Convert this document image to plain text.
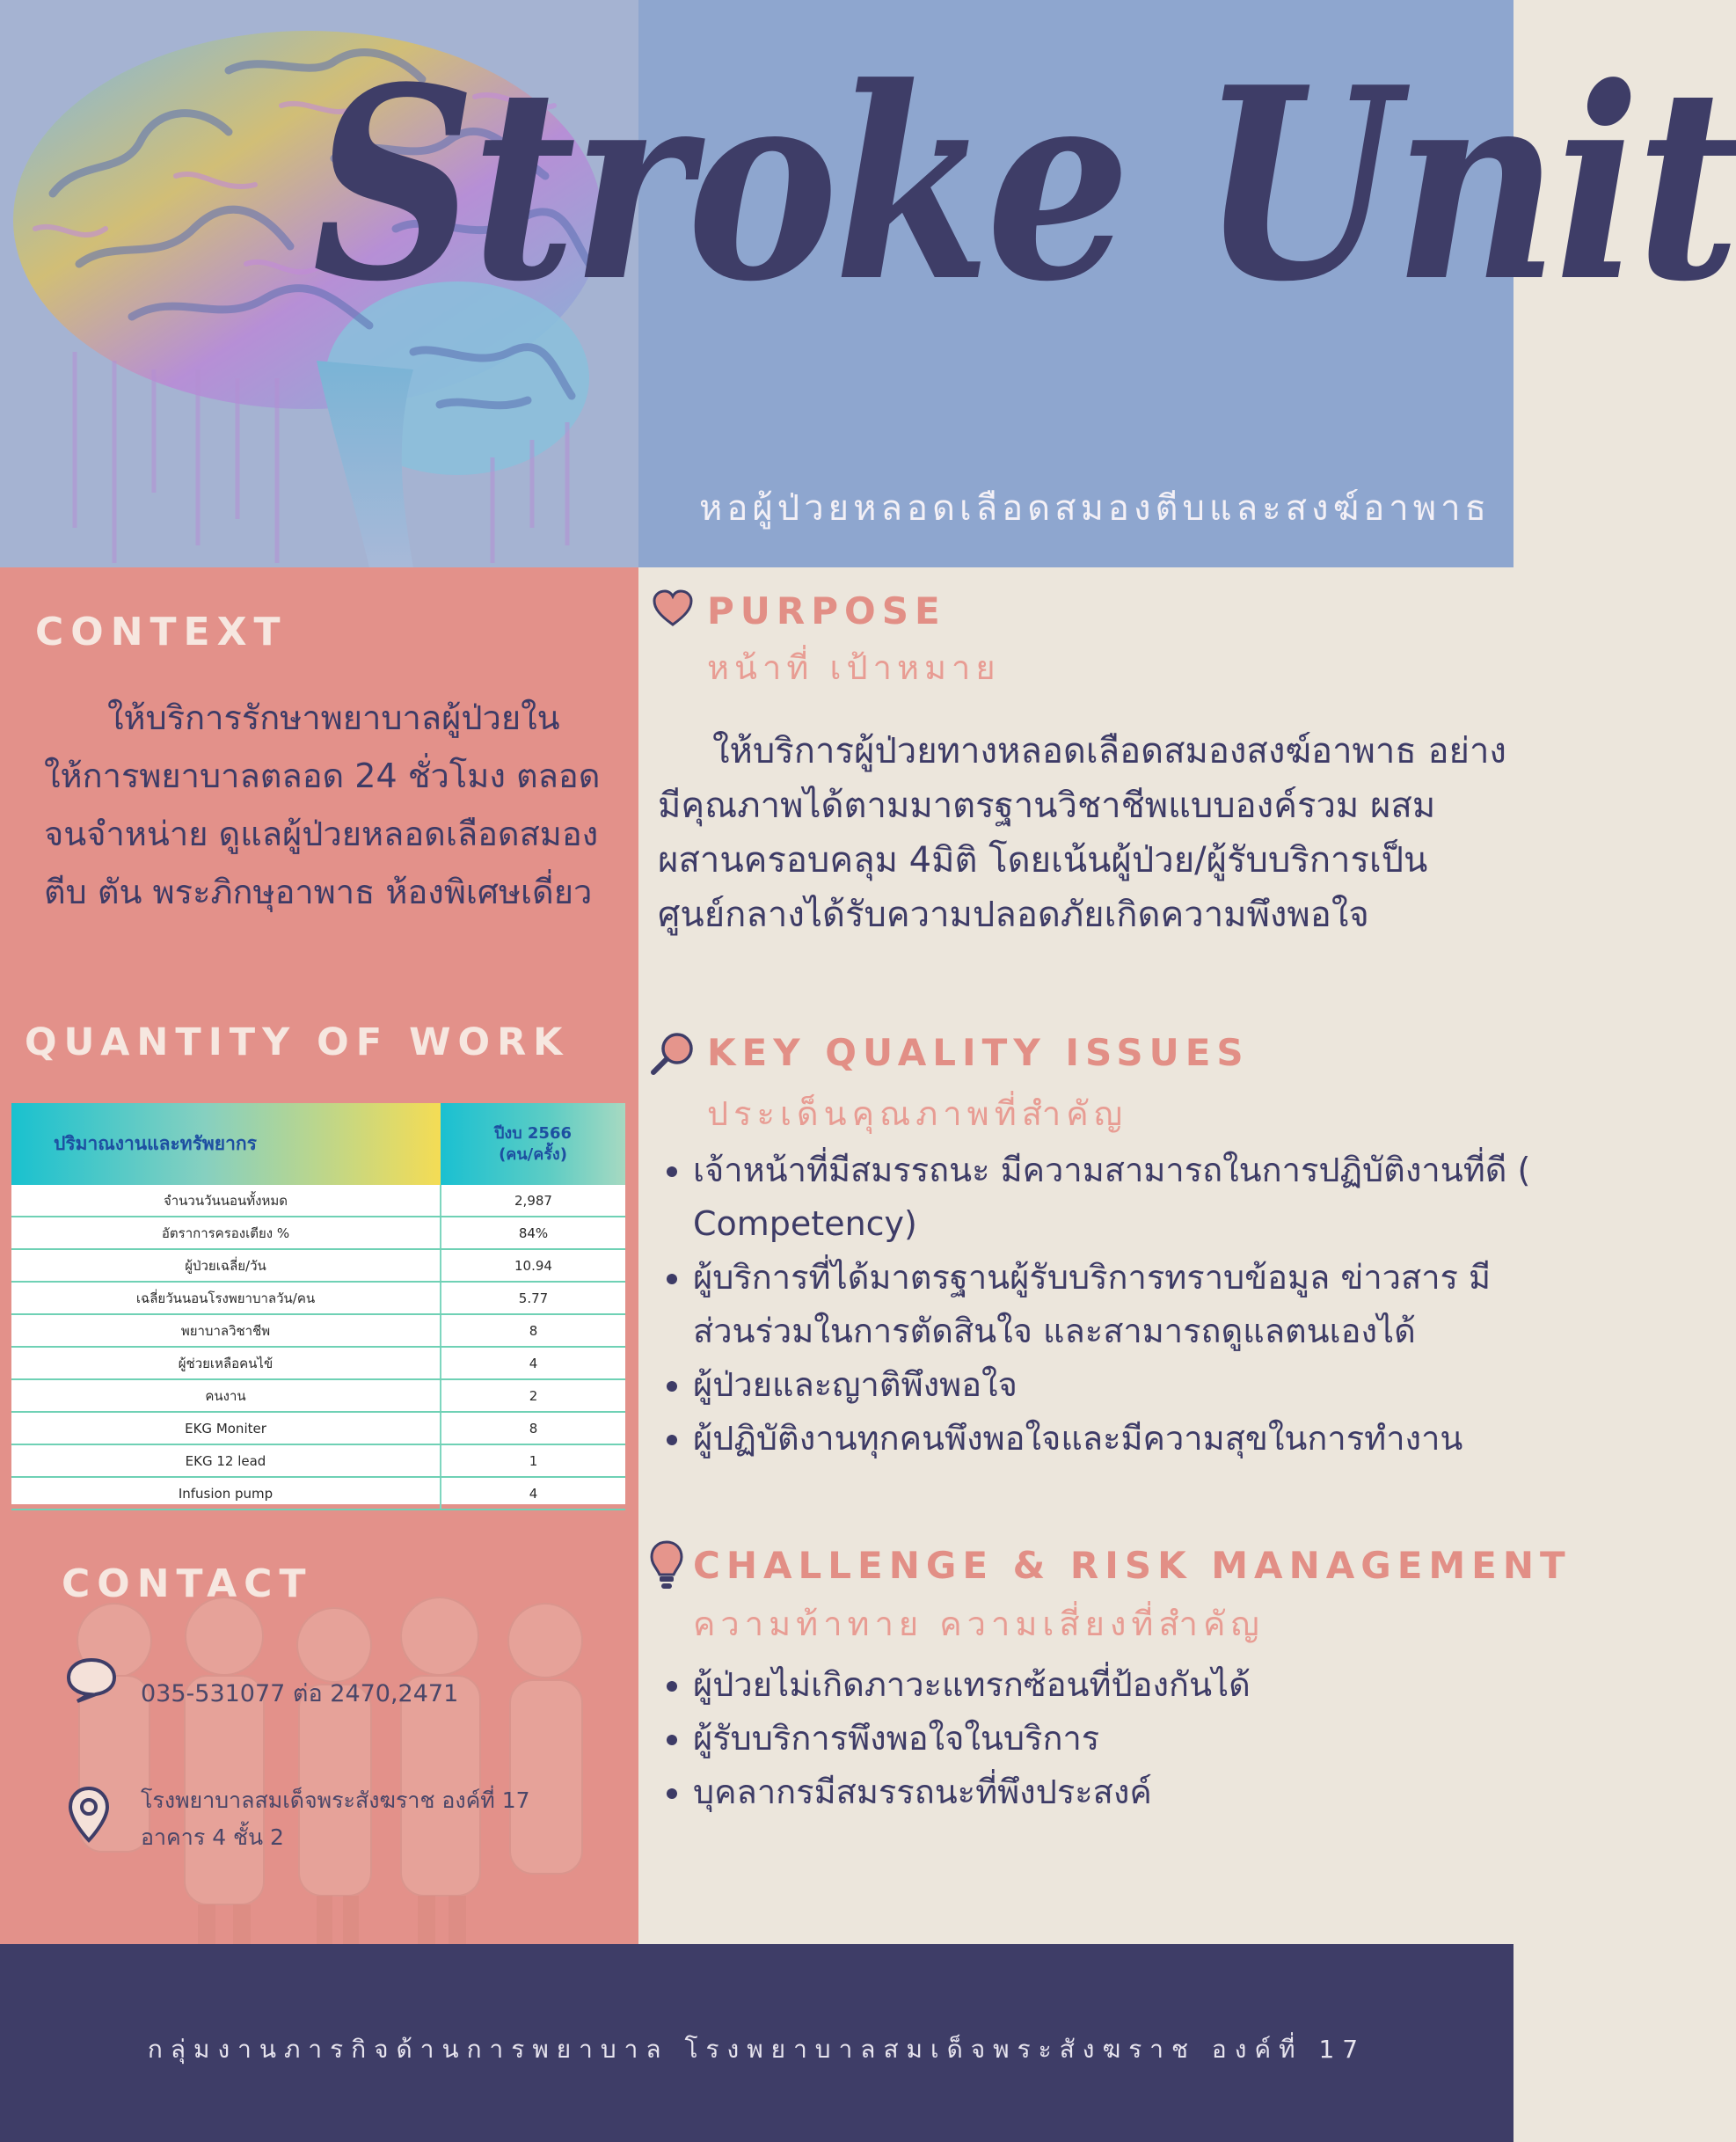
Stroke Unit

หอผู้ป่วยหลอดเลือดสมองตีบและสงฆ์อาพาธ

CONTEXT

ให้บริการรักษาพยาบาลผู้ป่วยใน ให้การพยาบาลตลอด 24 ชั่วโมง ตลอดจนจำหน่าย ดูแลผู้ป่วยหลอดเลือดสมองตีบ ตัน พระภิกษุอาพาธ ห้องพิเศษเดี่ยว

QUANTITY OF WORK
ปริมาณงานและทรัพยากร	ปีงบ 2566
(คน/ครั้ง)
จำนวนวันนอนทั้งหมด	2,987
อัตราการครองเตียง %	84%
ผู้ป่วยเฉลี่ย/วัน	10.94
เฉลี่ยวันนอนโรงพยาบาลวัน/คน	5.77
พยาบาลวิชาชีพ	8
ผู้ช่วยเหลือคนไข้	4
คนงาน	2
EKG Moniter	8
EKG 12 lead	1
Infusion pump	4
CONTACT

035-531077 ต่อ 2470,2471

โรงพยาบาลสมเด็จพระสังฆราช องค์ที่ 17

อาคาร 4 ชั้น 2

PURPOSE

หน้าที่ เป้าหมาย

ให้บริการผู้ป่วยทางหลอดเลือดสมองสงฆ์อาพาธ อย่างมีคุณภาพได้ตามมาตรฐานวิชาชีพแบบองค์รวม ผสมผสานครอบคลุม 4มิติ โดยเน้นผู้ป่วย/ผู้รับบริการเป็นศูนย์กลางได้รับความปลอดภัยเกิดความพึงพอใจ

KEY QUALITY ISSUES

ประเด็นคุณภาพที่สำคัญ

• เจ้าหน้าที่มีสมรรถนะ มีความสามารถในการปฏิบัติงานที่ดี ( Competency)
• ผู้บริการที่ได้มาตรฐานผู้รับบริการทราบข้อมูล ข่าวสาร มีส่วนร่วมในการตัดสินใจ และสามารถดูแลตนเองได้
• ผู้ป่วยและญาติพึงพอใจ
• ผู้ปฏิบัติงานทุกคนพึงพอใจและมีความสุขในการทำงาน
CHALLENGE & RISK MANAGEMENT

ความท้าทาย ความเสี่ยงที่สำคัญ

• ผู้ป่วยไม่เกิดภาวะแทรกซ้อนที่ป้องกันได้
• ผู้รับบริการพึงพอใจในบริการ
• บุคลากรมีสมรรถนะที่พึงประสงค์

กลุ่มงานภารกิจด้านการพยาบาล โรงพยาบาลสมเด็จพระสังฆราช องค์ที่ 17
